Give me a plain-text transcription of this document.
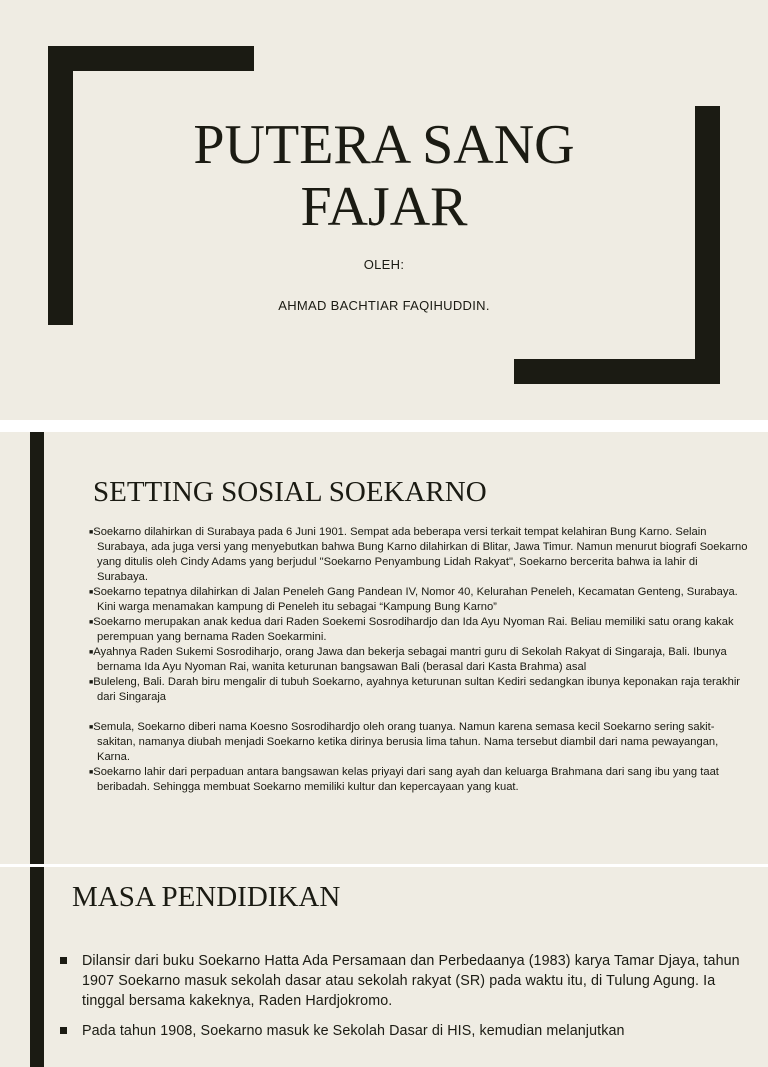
PUTERA SANG
FAJAR

OLEH:

AHMAD BACHTIAR FAQIHUDDIN.

SETTING SOSIAL SOEKARNO
■Soekarno dilahirkan di Surabaya pada 6 Juni 1901. Sempat ada beberapa versi terkait tempat kelahiran Bung Karno. Selain Surabaya, ada juga versi yang menyebutkan bahwa Bung Karno dilahirkan di Blitar, Jawa Timur. Namun menurut biografi Soekarno yang ditulis oleh Cindy Adams yang berjudul "Soekarno Penyambung Lidah Rakyat", Soekarno bercerita bahwa ia lahir di Surabaya.
■Soekarno tepatnya dilahirkan di Jalan Peneleh Gang Pandean IV, Nomor 40, Kelurahan Peneleh, Kecamatan Genteng, Surabaya. Kini warga menamakan kampung di Peneleh itu sebagai “Kampung Bung Karno”
■Soekarno merupakan anak kedua dari Raden Soekemi Sosrodihardjo dan Ida Ayu Nyoman Rai. Beliau memiliki satu orang kakak perempuan yang bernama Raden Soekarmini.
■Ayahnya Raden Sukemi Sosrodiharjo, orang Jawa dan bekerja sebagai mantri guru di Sekolah Rakyat di Singaraja, Bali. Ibunya bernama Ida Ayu Nyoman Rai, wanita keturunan bangsawan Bali (berasal dari Kasta Brahma) asal
■Buleleng, Bali. Darah biru mengalir di tubuh Soekarno, ayahnya keturunan sultan Kediri sedangkan ibunya keponakan raja terakhir dari Singaraja
■Semula, Soekarno diberi nama Koesno Sosrodihardjo oleh orang tuanya. Namun karena semasa kecil Soekarno sering sakit-sakitan, namanya diubah menjadi Soekarno ketika dirinya berusia lima tahun. Nama tersebut diambil dari nama pewayangan, Karna.
■Soekarno lahir dari perpaduan antara bangsawan kelas priyayi dari sang ayah dan keluarga Brahmana dari sang ibu yang taat beribadah. Sehingga membuat Soekarno memiliki kultur dan kepercayaan yang kuat.
MASA PENDIDIKAN
Dilansir dari buku Soekarno Hatta Ada Persamaan dan Perbedaanya (1983) karya Tamar Djaya, tahun 1907 Soekarno masuk sekolah dasar atau sekolah rakyat (SR) pada waktu itu, di Tulung Agung. Ia tinggal bersama kakeknya, Raden Hardjokromo.
Pada tahun 1908, Soekarno masuk ke Sekolah Dasar di HIS, kemudian melanjutkan
